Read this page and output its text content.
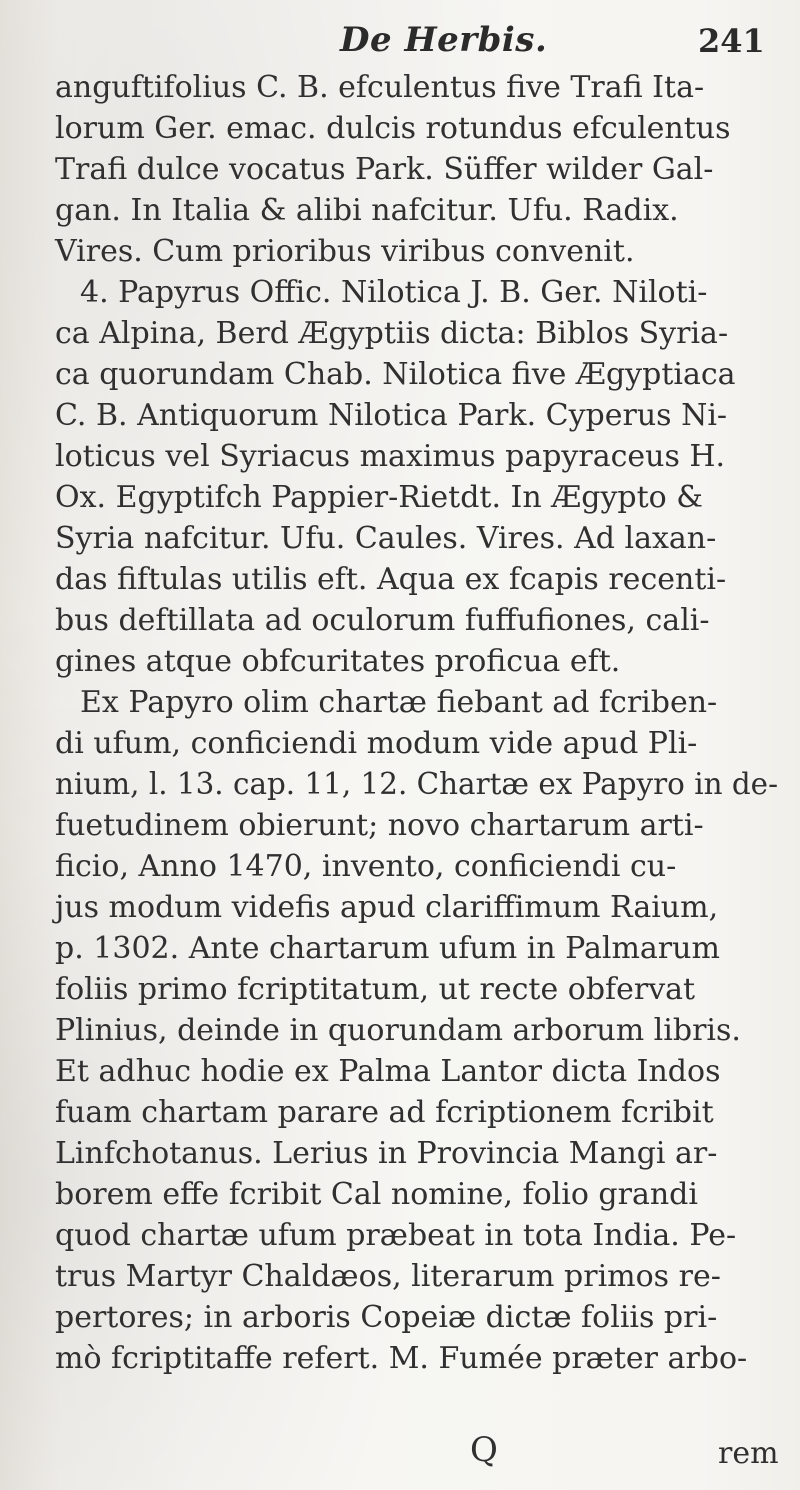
De Herbis.	241
anguftifolius C. B. efculentus five Trafi Ita-
lorum Ger. emac. dulcis rotundus efculentus
Trafi dulce vocatus Park. Süffer wilder Gal-
gan. In Italia & alibi nafcitur. Ufu. Radix.
Vires. Cum prioribus viribus convenit.
4. Papyrus Offic. Nilotica J. B. Ger. Niloti-
ca Alpina, Berd Ægyptiis dicta: Biblos Syria-
ca quorundam Chab. Nilotica five Ægyptiaca
C. B. Antiquorum Nilotica Park. Cyperus Ni-
loticus vel Syriacus maximus papyraceus H.
Ox. Egyptifch Pappier-Rietdt. In Ægypto &
Syria nafcitur. Ufu. Caules. Vires. Ad laxan-
das fiftulas utilis eft. Aqua ex fcapis recenti-
bus deftillata ad oculorum fuffufiones, cali-
gines atque obfcuritates proficua eft.
Ex Papyro olim chartæ fiebant ad fcriben-
di ufum, conficiendi modum vide apud Pli-
nium, l. 13. cap. 11, 12. Chartæ ex Papyro in de-
fuetudinem obierunt; novo chartarum arti-
ficio, Anno 1470, invento, conficiendi cu-
jus modum videfis apud clariffimum Raium,
p. 1302. Ante chartarum ufum in Palmarum
foliis primo fcriptitatum, ut recte obfervat
Plinius, deinde in quorundam arborum libris.
Et adhuc hodie ex Palma Lantor dicta Indos
fuam chartam parare ad fcriptionem fcribit
Linfchotanus. Lerius in Provincia Mangi ar-
borem effe fcribit Cal nomine, folio grandi
quod chartæ ufum præbeat in tota India. Pe-
trus Martyr Chaldæos, literarum primos re-
pertores; in arboris Copeiæ dictæ foliis pri-
mò fcriptitaffe refert. M. Fumée præter arbo-
Q	rem
